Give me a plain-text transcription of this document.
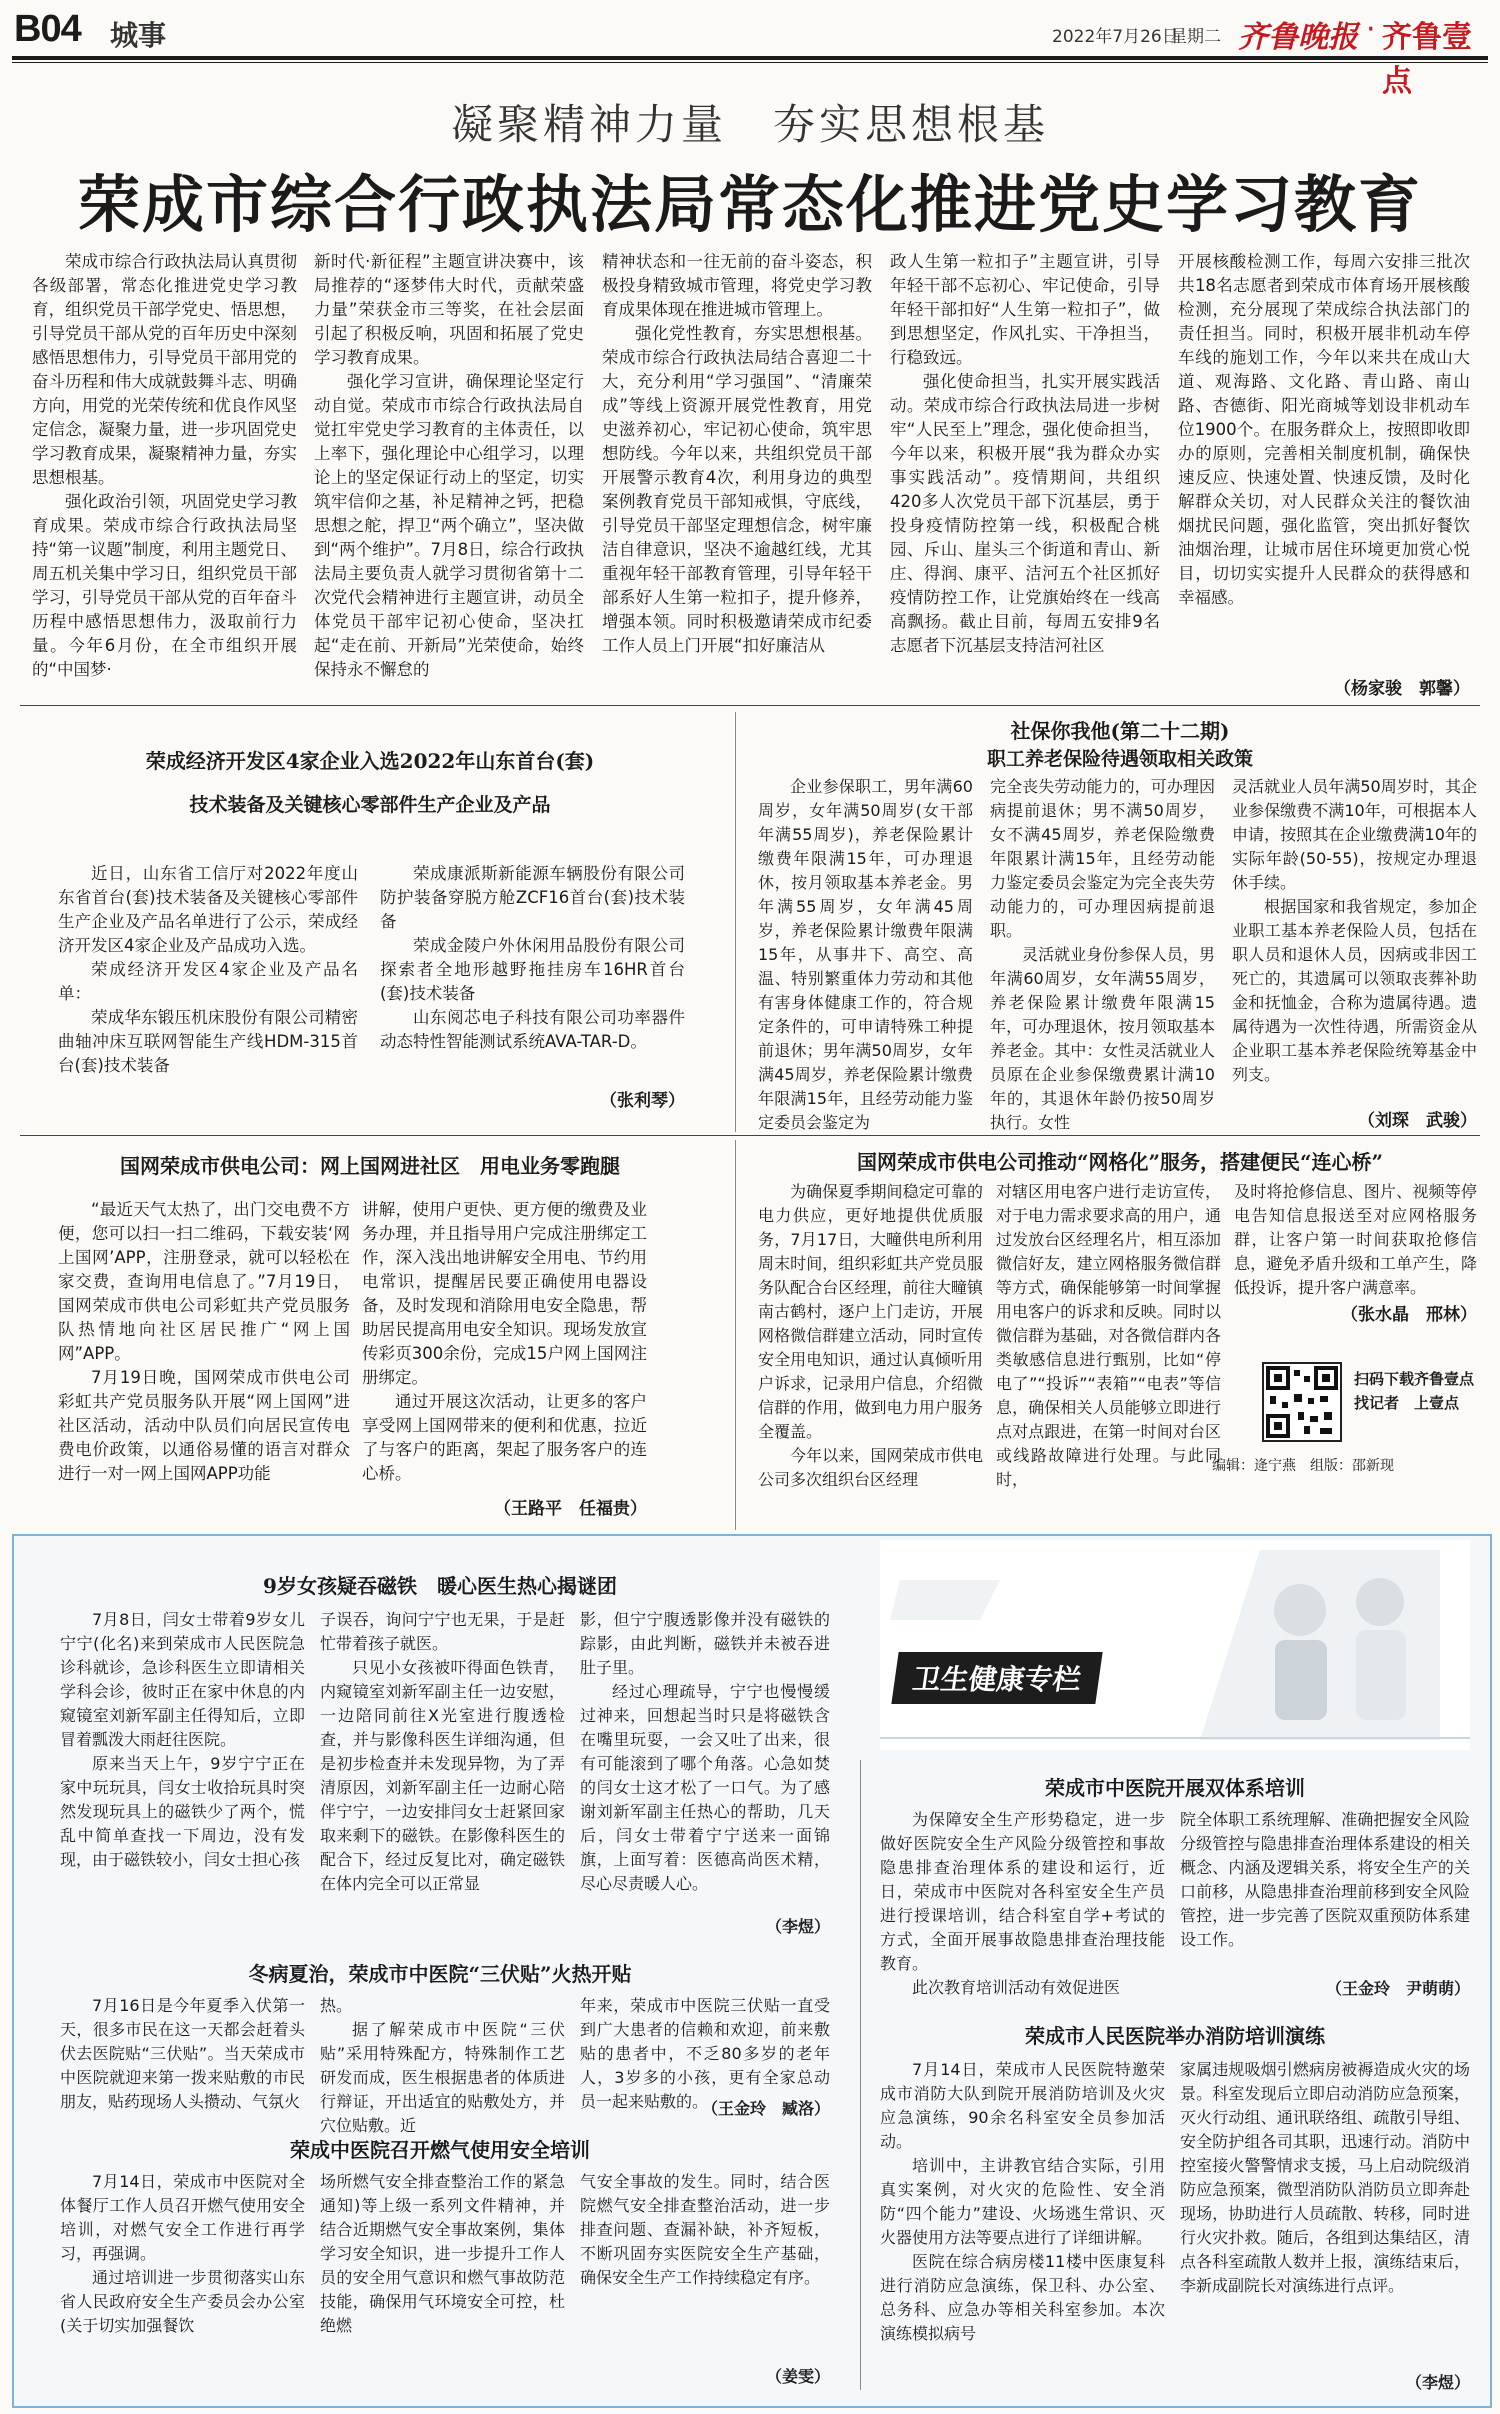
B04 城事	2022年7月26日
星期二 齐鲁晚报 · 齐鲁壹点
凝聚精神力量　夯实思想根基
荣成市综合行政执法局常态化推进党史学习教育

荣成市综合行政执法局认真贯彻各级部署，常态化推进党史学习教育，组织党员干部学党史、悟思想，引导党员干部从党的百年历史中深刻感悟思想伟力，引导党员干部用党的奋斗历程和伟大成就鼓舞斗志、明确方向，用党的光荣传统和优良作风坚定信念，凝聚力量，进一步巩固党史学习教育成果，凝聚精神力量，夯实思想根基。

强化政治引领，巩固党史学习教育成果。荣成市综合行政执法局坚持“第一议题”制度，利用主题党日、周五机关集中学习日，组织党员干部学习，引导党员干部从党的百年奋斗历程中感悟思想伟力，汲取前行力量。今年6月份，在全市组织开展的“中国梦·

新时代·新征程”主题宣讲决赛中，该局推荐的“逐梦伟大时代，贡献荣盛力量”荣获金市三等奖，在社会层面引起了积极反响，巩固和拓展了党史学习教育成果。

强化学习宣讲，确保理论坚定行动自觉。荣成市市综合行政执法局自觉扛牢党史学习教育的主体责任，以上率下，强化理论中心组学习，以理论上的坚定保证行动上的坚定，切实筑牢信仰之基，补足精神之钙，把稳思想之舵，捍卫“两个确立”，坚决做到“两个维护”。7月8日，综合行政执法局主要负责人就学习贯彻省第十二次党代会精神进行主题宣讲，动员全体党员干部牢记初心使命，坚决扛起“走在前、开新局”光荣使命，始终保持永不懈怠的

精神状态和一往无前的奋斗姿态，积极投身精致城市管理，将党史学习教育成果体现在推进城市管理上。

强化党性教育，夯实思想根基。荣成市综合行政执法局结合喜迎二十大，充分利用“学习强国”、“清廉荣成”等线上资源开展党性教育，用党史滋养初心，牢记初心使命，筑牢思想防线。今年以来，共组织党员干部开展警示教育4次，利用身边的典型案例教育党员干部知戒惧，守底线，引导党员干部坚定理想信念，树牢廉洁自律意识，坚决不逾越红线，尤其重视年轻干部教育管理，引导年轻干部系好人生第一粒扣子，提升修养，增强本领。同时积极邀请荣成市纪委工作人员上门开展“扣好廉洁从

政人生第一粒扣子”主题宣讲，引导年轻干部不忘初心、牢记使命，引导年轻干部扣好“人生第一粒扣子”，做到思想坚定，作风扎实、干净担当，行稳致远。

强化使命担当，扎实开展实践活动。荣成市综合行政执法局进一步树牢“人民至上”理念，强化使命担当，今年以来，积极开展“我为群众办实事实践活动”。疫情期间，共组织420多人次党员干部下沉基层，勇于投身疫情防控第一线，积极配合桃园、斥山、崖头三个街道和青山、新庄、得润、康平、洁河五个社区抓好疫情防控工作，让党旗始终在一线高高飘扬。截止目前，每周五安排9名志愿者下沉基层支持洁河社区

开展核酸检测工作，每周六安排三批次共18名志愿者到荣成市体育场开展核酸检测，充分展现了荣成综合执法部门的责任担当。同时，积极开展非机动车停车线的施划工作，今年以来共在成山大道、观海路、文化路、青山路、南山路、杏德街、阳光商城等划设非机动车位1900个。在服务群众上，按照即收即办的原则，完善相关制度机制，确保快速反应、快速处置、快速反馈，及时化解群众关切，对人民群众关注的餐饮油烟扰民问题，强化监管，突出抓好餐饮油烟治理，让城市居住环境更加赏心悦目，切切实实提升人民群众的获得感和幸福感。

（杨家骏　郭馨）
荣成经济开发区4家企业入选2022年山东首台(套)
技术装备及关键核心零部件生产企业及产品

近日，山东省工信厅对2022年度山东省首台(套)技术装备及关键核心零部件生产企业及产品名单进行了公示，荣成经济开发区4家企业及产品成功入选。

荣成经济开发区4家企业及产品名单：

荣成华东锻压机床股份有限公司精密曲轴冲床互联网智能生产线HDM-315首台(套)技术装备

荣成康派斯新能源车辆股份有限公司防护装备穿脱方舱ZCF16首台(套)技术装备

荣成金陵户外休闲用品股份有限公司探索者全地形越野拖挂房车16HR首台(套)技术装备

山东阅芯电子科技有限公司功率器件动态特性智能测试系统AVA-TAR-D。

（张利琴）
社保你我他(第二十二期)
职工养老保险待遇领取相关政策

企业参保职工，男年满60周岁，女年满50周岁(女干部年满55周岁)，养老保险累计缴费年限满15年，可办理退休，按月领取基本养老金。男年满55周岁，女年满45周岁，养老保险累计缴费年限满15年，从事井下、高空、高温、特别繁重体力劳动和其他有害身体健康工作的，符合规定条件的，可申请特殊工种提前退休；男年满50周岁，女年满45周岁，养老保险累计缴费年限满15年，且经劳动能力鉴定委员会鉴定为

完全丧失劳动能力的，可办理因病提前退休；男不满50周岁，女不满45周岁，养老保险缴费年限累计满15年，且经劳动能力鉴定委员会鉴定为完全丧失劳动能力的，可办理因病提前退职。

灵活就业身份参保人员，男年满60周岁，女年满55周岁，养老保险累计缴费年限满15年，可办理退休，按月领取基本养老金。其中：女性灵活就业人员原在企业参保缴费累计满10年的，其退休年龄仍按50周岁执行。女性

灵活就业人员年满50周岁时，其企业参保缴费不满10年，可根据本人申请，按照其在企业缴费满10年的实际年龄(50-55)，按规定办理退休手续。

根据国家和我省规定，参加企业职工基本养老保险人员，包括在职人员和退休人员，因病或非因工死亡的，其遗属可以领取丧葬补助金和抚恤金，合称为遗属待遇。遗属待遇为一次性待遇，所需资金从企业职工基本养老保险统筹基金中列支。

（刘琛　武骏）
国网荣成市供电公司：网上国网进社区　用电业务零跑腿

“最近天气太热了，出门交电费不方便，您可以扫一扫二维码，下载安装‘网上国网’APP，注册登录，就可以轻松在家交费，查询用电信息了。”7月19日，国网荣成市供电公司彩虹共产党员服务队热情地向社区居民推广“网上国网”APP。

7月19日晚，国网荣成市供电公司彩虹共产党员服务队开展“网上国网”进社区活动，活动中队员们向居民宣传电费电价政策，以通俗易懂的语言对群众进行一对一网上国网APP功能

讲解，使用户更快、更方便的缴费及业务办理，并且指导用户完成注册绑定工作，深入浅出地讲解安全用电、节约用电常识，提醒居民要正确使用电器设备，及时发现和消除用电安全隐患，帮助居民提高用电安全知识。现场发放宣传彩页300余份，完成15户网上国网注册绑定。

通过开展这次活动，让更多的客户享受网上国网带来的便利和优惠，拉近了与客户的距离，架起了服务客户的连心桥。

（王路平　任福贵）
国网荣成市供电公司推动“网格化”服务，搭建便民“连心桥”

为确保夏季期间稳定可靠的电力供应，更好地提供优质服务，7月17日，大疃供电所利用周末时间，组织彩虹共产党员服务队配合台区经理，前往大疃镇南古鹤村，逐户上门走访，开展网格微信群建立活动，同时宣传安全用电知识，通过认真倾听用户诉求，记录用户信息，介绍微信群的作用，做到电力用户服务全覆盖。

今年以来，国网荣成市供电公司多次组织台区经理

对辖区用电客户进行走访宣传，对于电力需求要求高的用户，通过发放台区经理名片，相互添加微信好友，建立网格服务微信群等方式，确保能够第一时间掌握用电客户的诉求和反映。同时以微信群为基础，对各微信群内各类敏感信息进行甄别，比如“停电了”“投诉”“表箱”“电表”等信息，确保相关人员能够立即进行点对点跟进，在第一时间对台区或线路故障进行处理。与此同时，

及时将抢修信息、图片、视频等停电告知信息报送至对应网格服务群，让客户第一时间获取抢修信息，避免矛盾升级和工单产生，降低投诉，提升客户满意率。

（张水晶　邢林）
扫码下载齐鲁壹点
找记者　上壹点
编辑：逄宁燕　组版：邵新现
卫生健康专栏
9岁女孩疑吞磁铁　暖心医生热心揭谜团

7月8日，闫女士带着9岁女儿宁宁(化名)来到荣成市人民医院急诊科就诊，急诊科医生立即请相关学科会诊，彼时正在家中休息的内窥镜室刘新军副主任得知后，立即冒着瓢泼大雨赶往医院。

原来当天上午，9岁宁宁正在家中玩玩具，闫女士收拾玩具时突然发现玩具上的磁铁少了两个，慌乱中简单查找一下周边，没有发现，由于磁铁较小，闫女士担心孩

子误吞，询问宁宁也无果，于是赶忙带着孩子就医。

只见小女孩被吓得面色铁青，内窥镜室刘新军副主任一边安慰，一边陪同前往X光室进行腹透检查，并与影像科医生详细沟通，但是初步检查并未发现异物，为了弄清原因，刘新军副主任一边耐心陪伴宁宁，一边安排闫女士赶紧回家取来剩下的磁铁。在影像科医生的配合下，经过反复比对，确定磁铁在体内完全可以正常显

影，但宁宁腹透影像并没有磁铁的踪影，由此判断，磁铁并未被吞进肚子里。

经过心理疏导，宁宁也慢慢缓过神来，回想起当时只是将磁铁含在嘴里玩耍，一会又吐了出来，很有可能滚到了哪个角落。心急如焚的闫女士这才松了一口气。为了感谢刘新军副主任热心的帮助，几天后，闫女士带着宁宁送来一面锦旗，上面写着：医德高尚医术精，尽心尽责暖人心。

（李煜）
冬病夏治，荣成市中医院“三伏贴”火热开贴

7月16日是今年夏季入伏第一天，很多市民在这一天都会赶着头伏去医院贴“三伏贴”。当天荣成市中医院就迎来第一拨来贴敷的市民朋友，贴药现场人头攒动、气氛火

热。

据了解荣成市中医院“三伏贴”采用特殊配方，特殊制作工艺研发而成，医生根据患者的体质进行辩证，开出适宜的贴敷处方，并穴位贴敷。近

年来，荣成市中医院三伏贴一直受到广大患者的信赖和欢迎，前来敷贴的患者中，不乏80多岁的老年人，3岁多的小孩，更有全家总动员一起来贴敷的。

（王金玲　臧洛）
荣成中医院召开燃气使用安全培训

7月14日，荣成市中医院对全体餐厅工作人员召开燃气使用安全培训，对燃气安全工作进行再学习，再强调。

通过培训进一步贯彻落实山东省人民政府安全生产委员会办公室(关于切实加强餐饮

场所燃气安全排查整治工作的紧急通知)等上级一系列文件精神，并结合近期燃气安全事故案例，集体学习安全知识，进一步提升工作人员的安全用气意识和燃气事故防范技能，确保用气环境安全可控，杜绝燃

气安全事故的发生。同时，结合医院燃气安全排查整治活动，进一步排查问题、查漏补缺，补齐短板，不断巩固夯实医院安全生产基础，确保安全生产工作持续稳定有序。

（姜雯）
荣成市中医院开展双体系培训

为保障安全生产形势稳定，进一步做好医院安全生产风险分级管控和事故隐患排查治理体系的建设和运行，近日，荣成市中医院对各科室安全生产员进行授课培训，结合科室自学+考试的方式，全面开展事故隐患排查治理技能教育。

此次教育培训活动有效促进医

院全体职工系统理解、准确把握安全风险分级管控与隐患排查治理体系建设的相关概念、内涵及逻辑关系，将安全生产的关口前移，从隐患排查治理前移到安全风险管控，进一步完善了医院双重预防体系建设工作。

（王金玲　尹萌萌）
荣成市人民医院举办消防培训演练

7月14日，荣成市人民医院特邀荣成市消防大队到院开展消防培训及火灾应急演练，90余名科室安全员参加活动。

培训中，主讲教官结合实际，引用真实案例，对火灾的危险性、安全消防“四个能力”建设、火场逃生常识、灭火器使用方法等要点进行了详细讲解。

医院在综合病房楼11楼中医康复科进行消防应急演练，保卫科、办公室、总务科、应急办等相关科室参加。本次演练模拟病号

家属违规吸烟引燃病房被褥造成火灾的场景。科室发现后立即启动消防应急预案，灭火行动组、通讯联络组、疏散引导组、安全防护组各司其职，迅速行动。消防中控室接火警警情求支援，马上启动院级消防应急预案，微型消防队消防员立即奔赴现场，协助进行人员疏散、转移，同时进行火灾扑救。随后，各组到达集结区，清点各科室疏散人数并上报，演练结束后，李新成副院长对演练进行点评。

（李煜）
